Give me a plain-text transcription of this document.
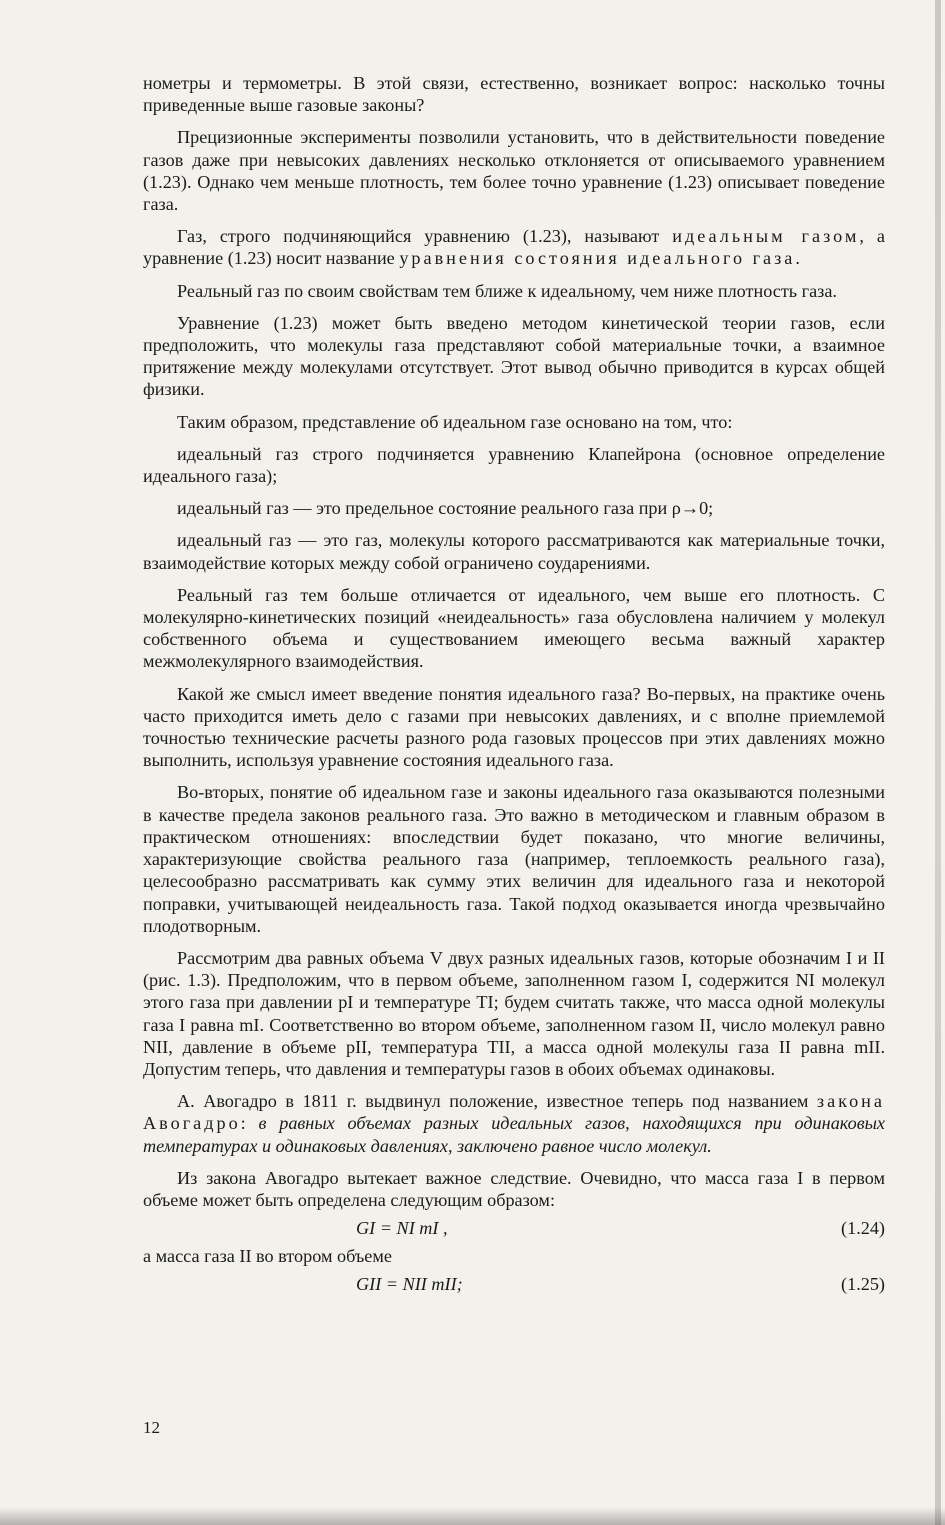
нометры и термометры. В этой связи, естественно, возникает вопрос: насколько точны приведенные выше газовые законы?

Прецизионные эксперименты позволили установить, что в действительности поведение газов даже при невысоких давлениях несколько отклоняется от описываемого уравнением (1.23). Однако чем меньше плотность, тем более точно уравнение (1.23) описывает поведение газа.

Газ, строго подчиняющийся уравнению (1.23), называют идеальным газом, а уравнение (1.23) носит название уравнения состояния идеального газа.

Реальный газ по своим свойствам тем ближе к идеальному, чем ниже плотность газа.

Уравнение (1.23) может быть введено методом кинетической теории газов, если предположить, что молекулы газа представляют собой материальные точки, а взаимное притяжение между молекулами отсутствует. Этот вывод обычно приводится в курсах общей физики.

Таким образом, представление об идеальном газе основано на том, что:

идеальный газ строго подчиняется уравнению Клапейрона (основное определение идеального газа);

идеальный газ — это предельное состояние реального газа при ρ→0;

идеальный газ — это газ, молекулы которого рассматриваются как материальные точки, взаимодействие которых между собой ограничено соударениями.

Реальный газ тем больше отличается от идеального, чем выше его плотность. С молекулярно-кинетических позиций «неидеальность» газа обусловлена наличием у молекул собственного объема и существованием имеющего весьма важный характер межмолекулярного взаимодействия.

Какой же смысл имеет введение понятия идеального газа? Во-первых, на практике очень часто приходится иметь дело с газами при невысоких давлениях, и с вполне приемлемой точностью технические расчеты разного рода газовых процессов при этих давлениях можно выполнить, используя уравнение состояния идеального газа.

Во-вторых, понятие об идеальном газе и законы идеального газа оказываются полезными в качестве предела законов реального газа. Это важно в методическом и главным образом в практическом отношениях: впоследствии будет показано, что многие величины, характеризующие свойства реального газа (например, теплоемкость реального газа), целесообразно рассматривать как сумму этих величин для идеального газа и некоторой поправки, учитывающей неидеальность газа. Такой подход оказывается иногда чрезвычайно плодотворным.

Рассмотрим два равных объема V двух разных идеальных газов, которые обозначим I и II (рис. 1.3). Предположим, что в первом объеме, заполненном газом I, содержится NI молекул этого газа при давлении pI и температуре TI; будем считать также, что масса одной молекулы газа I равна mI. Соответственно во втором объеме, заполненном газом II, число молекул равно NII, давление в объеме pII, температура TII, а масса одной молекулы газа II равна mII. Допустим теперь, что давления и температуры газов в обоих объемах одинаковы.

А. Авогадро в 1811 г. выдвинул положение, известное теперь под названием закона Авогадро: в равных объемах разных идеальных газов, находящихся при одинаковых температурах и одинаковых давлениях, заключено равное число молекул.

Из закона Авогадро вытекает важное следствие. Очевидно, что масса газа I в первом объеме может быть определена следующим образом:

GI = NI mI ,	(1.24)

а масса газа II во втором объеме

GII = NII mII;	(1.25)
12
